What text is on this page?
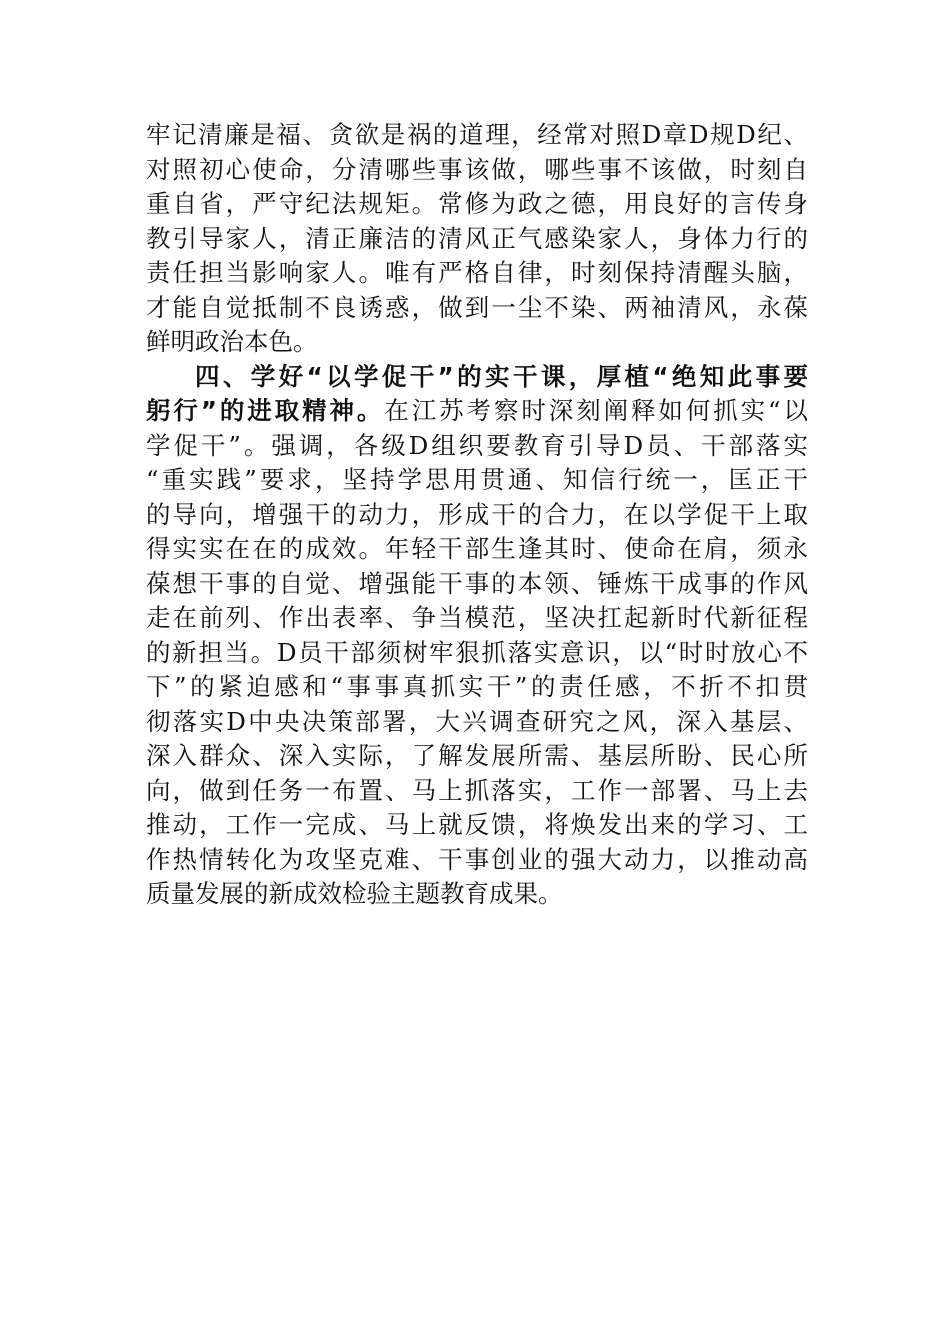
牢记清廉是福、贪欲是祸的道理，经常对照D章D规D纪、
对照初心使命，分清哪些事该做，哪些事不该做，时刻自
重自省，严守纪法规矩。常修为政之德，用良好的言传身
教引导家人，清正廉洁的清风正气感染家人，身体力行的
责任担当影响家人。唯有严格自律，时刻保持清醒头脑，
才能自觉抵制不良诱惑，做到一尘不染、两袖清风，永葆
鲜明政治本色。
四、学好“以学促干”的实干课，厚植“绝知此事要
躬行”的进取精神。在江苏考察时深刻阐释如何抓实“以
学促干”。强调，各级D组织要教育引导D员、干部落实
“重实践”要求，坚持学思用贯通、知信行统一，匡正干
的导向，增强干的动力，形成干的合力，在以学促干上取
得实实在在的成效。年轻干部生逢其时、使命在肩，须永
葆想干事的自觉、增强能干事的本领、锤炼干成事的作风
走在前列、作出表率、争当模范，坚决扛起新时代新征程
的新担当。D员干部须树牢狠抓落实意识，以“时时放心不
下”的紧迫感和“事事真抓实干”的责任感，不折不扣贯
彻落实D中央决策部署，大兴调查研究之风，深入基层、
深入群众、深入实际，了解发展所需、基层所盼、民心所
向，做到任务一布置、马上抓落实，工作一部署、马上去
推动，工作一完成、马上就反馈，将焕发出来的学习、工
作热情转化为攻坚克难、干事创业的强大动力，以推动高
质量发展的新成效检验主题教育成果。
